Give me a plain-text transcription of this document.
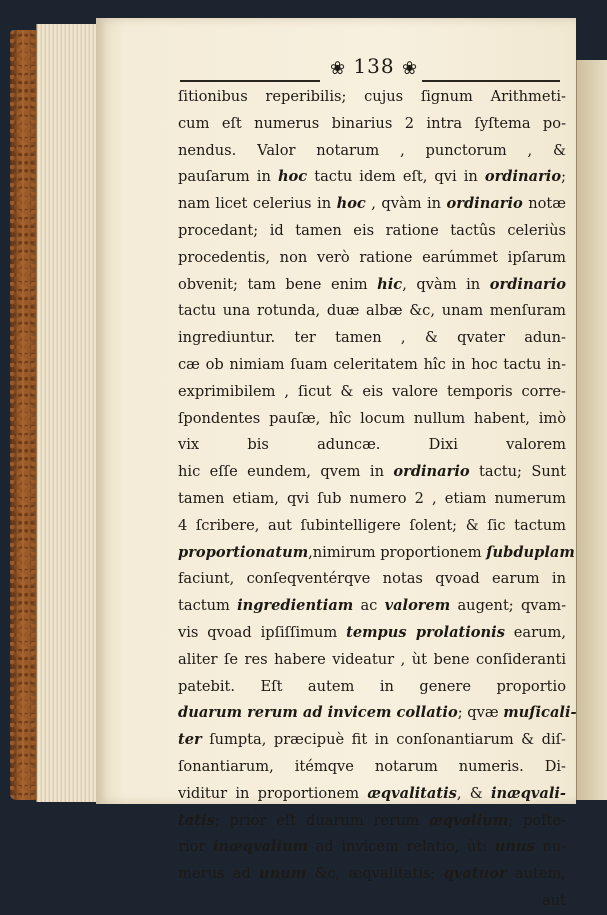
❀ 138 ❀
ſitionibus reperibilis; cujus ſignum Arithmeti-
cum eſt numerus binarius 2 intra ſyſtema po-
nendus. Valor notarum , punctorum , &
pauſarum in hoc tactu idem eſt, qvi in ordinario;
nam licet celerius in hoc , qvàm in ordinario notæ
procedant; id tamen eis ratione tactûs celeriùs
procedentis, non verò ratione earúmmet ipſarum
obvenit; tam bene enim hic, qvàm in ordinario
tactu una rotunda, duæ albæ &c, unam menſuram
ingrediuntur. ter tamen , & qvater adun-
cæ ob nimiam ſuam celeritatem hîc in hoc tactu in-
exprimibilem , ſicut & eis valore temporis corre-
ſpondentes pauſæ, hîc locum nullum habent, imò
vix bis aduncæ. Dixi valorem
hic eſſe eundem, qvem in ordinario tactu; Sunt
tamen etiam, qvi ſub numero 2 , etiam numerum
4 ſcribere, aut ſubintelligere ſolent; & ſic tactum
proportionatum,nimirum proportionem ſubduplam
faciunt, conſeqventérqve notas qvoad earum in
tactum ingredientiam ac valorem augent; qvam-
vis qvoad ipſiſſimum tempus prolationis earum,
aliter ſe res habere videatur , ùt bene conſideranti
patebit. Eſt autem in genere proportio
duarum rerum ad invicem collatio; qvæ muſicali-
ter ſumpta, præcipuè fit in conſonantiarum & diſ-
ſonantiarum, itémqve notarum numeris. Di-
viditur in proportionem æqvalitatis, & inæqvali-
tatis; prior eſt duarum rerum æqvalium; poſte-
rior inæqvalium ad invicem relatio, ùt: unus nu-
merus ad unum &c, æqvalitatis; qvatuor autem,
aut
